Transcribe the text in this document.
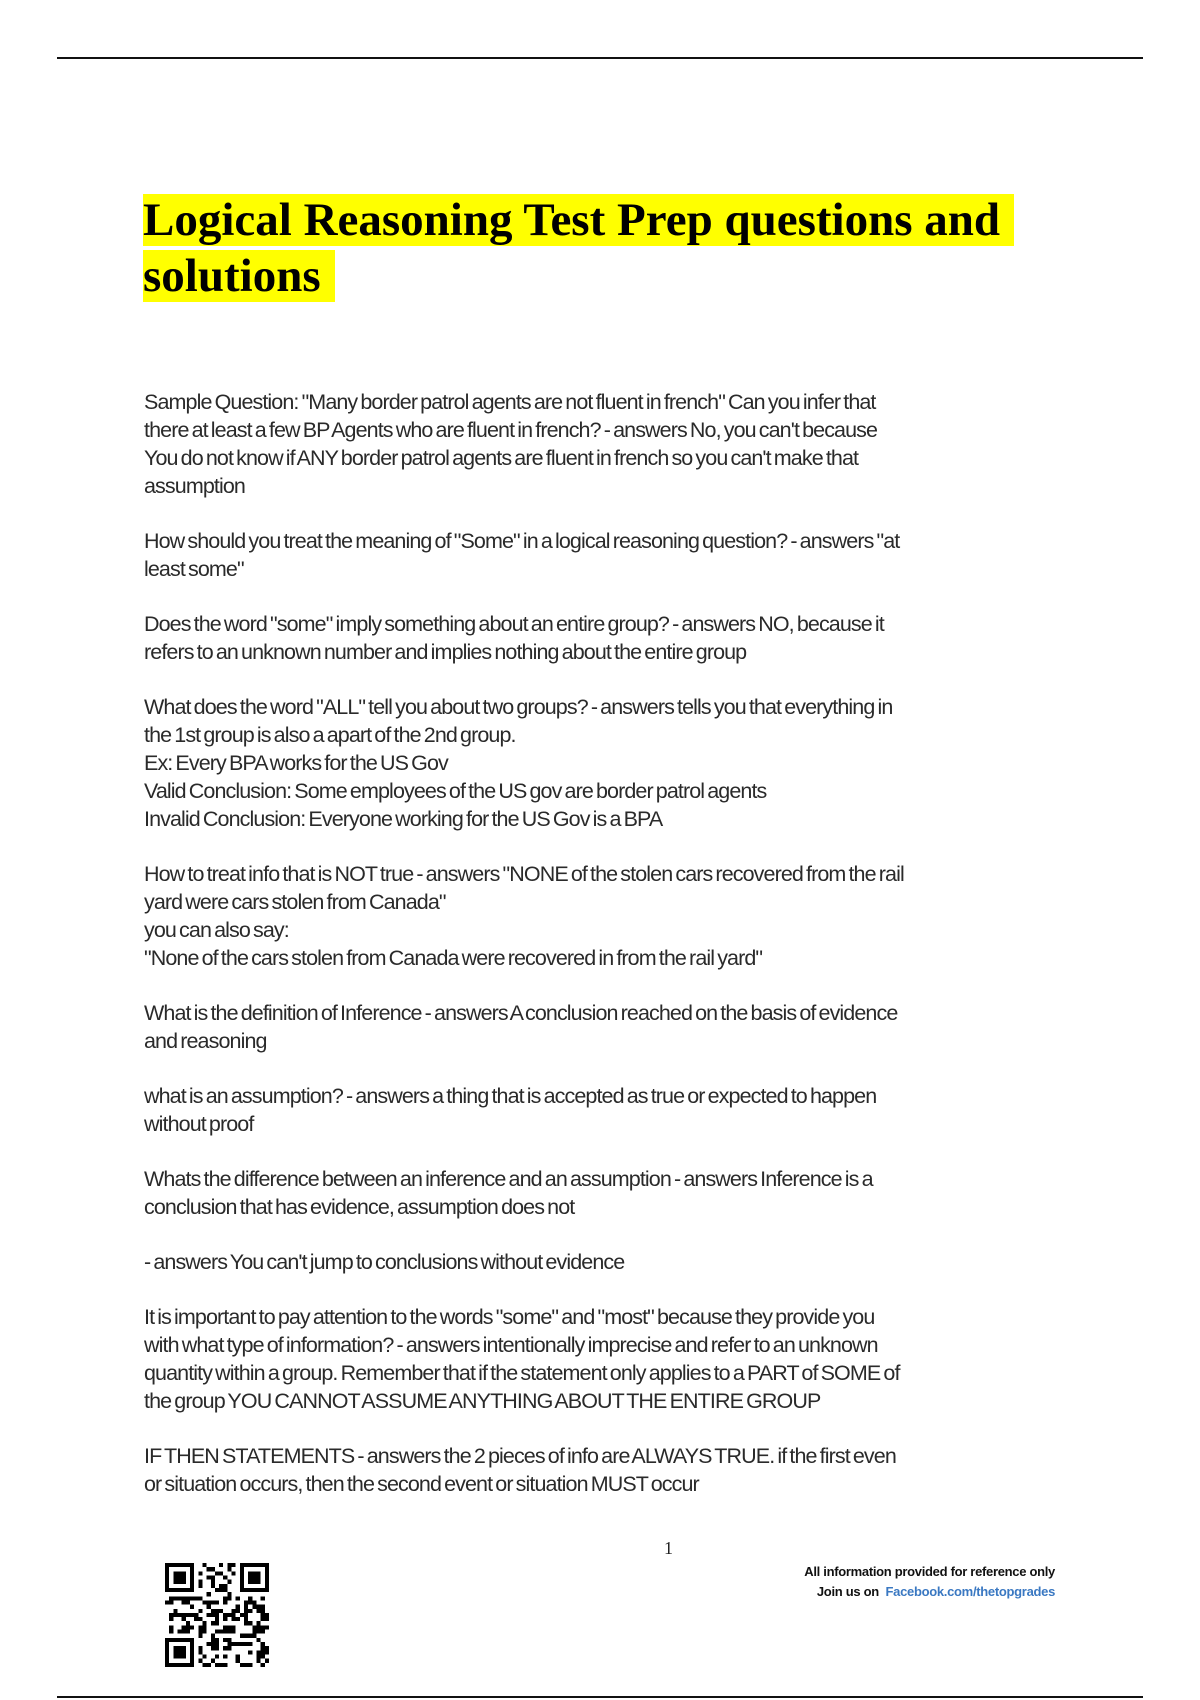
Logical Reasoning Test Prep questions and solutions
Sample Question: "Many border patrol agents are not fluent in french" Can you infer that
there at least a few BP Agents who are fluent in french? - answers No, you can't because
You do not know if ANY border patrol agents are fluent in french so you can't make that
assumption
How should you treat the meaning of "Some" in a logical reasoning question? - answers "at
least some"
Does the word "some" imply something about an entire group? - answers NO, because it
refers to an unknown number and implies nothing about the entire group
What does the word "ALL" tell you about two groups? - answers tells you that everything in
the 1st group is also a apart of the 2nd group.
Ex: Every BPA works for the US Gov
Valid Conclusion: Some employees of the US gov are border patrol agents
Invalid Conclusion: Everyone working for the US Gov is a BPA
How to treat info that is NOT true - answers "NONE of the stolen cars recovered from the rail
yard were cars stolen from Canada"
you can also say:
"None of the cars stolen from Canada were recovered in from the rail yard"
What is the definition of Inference - answers A conclusion reached on the basis of evidence
and reasoning
what is an assumption? - answers a thing that is accepted as true or expected to happen
without proof
Whats the difference between an inference and an assumption - answers Inference is a
conclusion that has evidence, assumption does not
- answers You can't jump to conclusions without evidence
It is important to pay attention to the words "some" and "most" because they provide you
with what type of information? - answers intentionally imprecise and refer to an unknown
quantity within a group. Remember that if the statement only applies to a PART of SOME of
the group YOU CANNOT ASSUME ANYTHING ABOUT THE ENTIRE GROUP
IF THEN STATEMENTS - answers the 2 pieces of info are ALWAYS TRUE. if the first even
or situation occurs, then the second event or situation MUST occur
1
All information provided for reference only
Join us on Facebook.com/thetopgrades
